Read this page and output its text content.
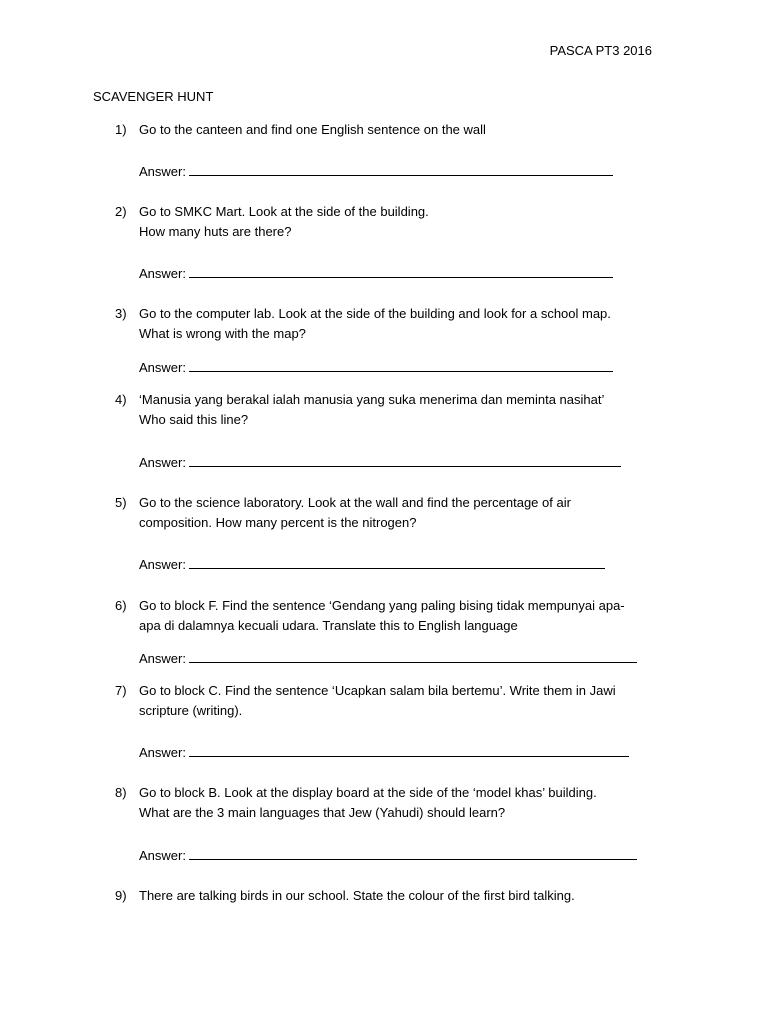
PASCA PT3 2016
SCAVENGER HUNT
1) Go to the canteen and find one English sentence on the wall
Answer:
2) Go to SMKC Mart. Look at the side of the building.
How many huts are there?
Answer:
3) Go to the computer lab. Look at the side of the building and look for a school map.
What is wrong with the map?
Answer:
4) ‘Manusia yang berakal ialah manusia yang suka menerima dan meminta nasihat’
Who said this line?
Answer:
5) Go to the science laboratory. Look at the wall and find the percentage of air
composition. How many percent is the nitrogen?
Answer:
6) Go to block F. Find the sentence ‘Gendang yang paling bising tidak mempunyai apa-
apa di dalamnya kecuali udara. Translate this to English language
Answer:
7) Go to block C. Find the sentence ‘Ucapkan salam bila bertemu’. Write them in Jawi
scripture (writing).
Answer:
8) Go to block B. Look at the display board at the side of the ‘model khas’ building.
What are the 3 main languages that Jew (Yahudi) should learn?
Answer:
9) There are talking birds in our school. State the colour of the first bird talking.
